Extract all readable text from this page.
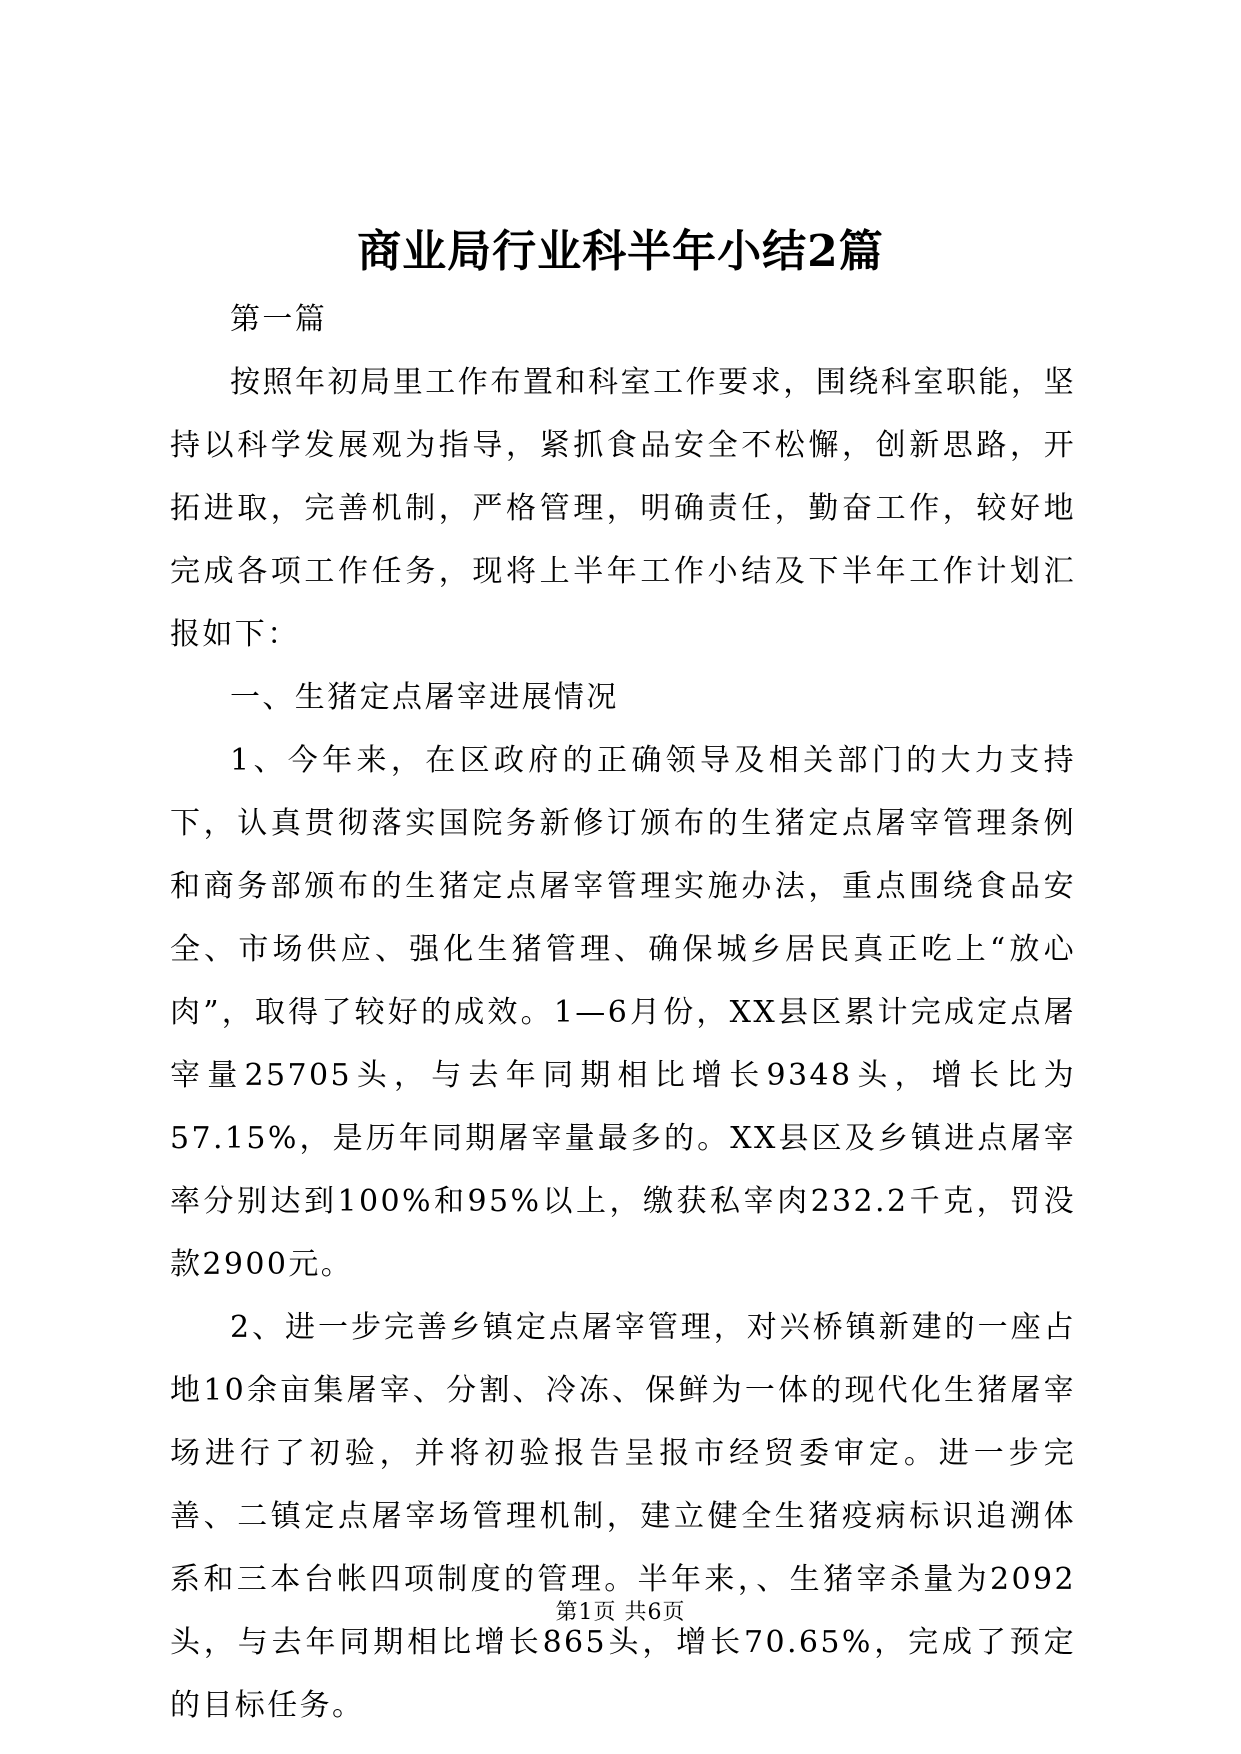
商业局行业科半年小结2篇

第一篇

按照年初局里工作布置和科室工作要求，围绕科室职能，坚持以科学发展观为指导，紧抓食品安全不松懈，创新思路，开拓进取，完善机制，严格管理，明确责任，勤奋工作，较好地完成各项工作任务，现将上半年工作小结及下半年工作计划汇报如下：

一、生猪定点屠宰进展情况

1、今年来，在区政府的正确领导及相关部门的大力支持下，认真贯彻落实国院务新修订颁布的生猪定点屠宰管理条例和商务部颁布的生猪定点屠宰管理实施办法，重点围绕食品安全、市场供应、强化生猪管理、确保城乡居民真正吃上“放心肉”，取得了较好的成效。1—6月份，XX县区累计完成定点屠宰量25705头，与去年同期相比增长9348头，增长比为57.15%，是历年同期屠宰量最多的。XX县区及乡镇进点屠宰率分别达到100%和95%以上，缴获私宰肉232.2千克，罚没款2900元。

2、进一步完善乡镇定点屠宰管理，对兴桥镇新建的一座占地10余亩集屠宰、分割、冷冻、保鲜为一体的现代化生猪屠宰场进行了初验，并将初验报告呈报市经贸委审定。进一步完善、二镇定点屠宰场管理机制，建立健全生猪疫病标识追溯体系和三本台帐四项制度的管理。半年来，、生猪宰杀量为2092头，与去年同期相比增长865头，增长70.65%，完成了预定的目标任务。

第1页 共6页
